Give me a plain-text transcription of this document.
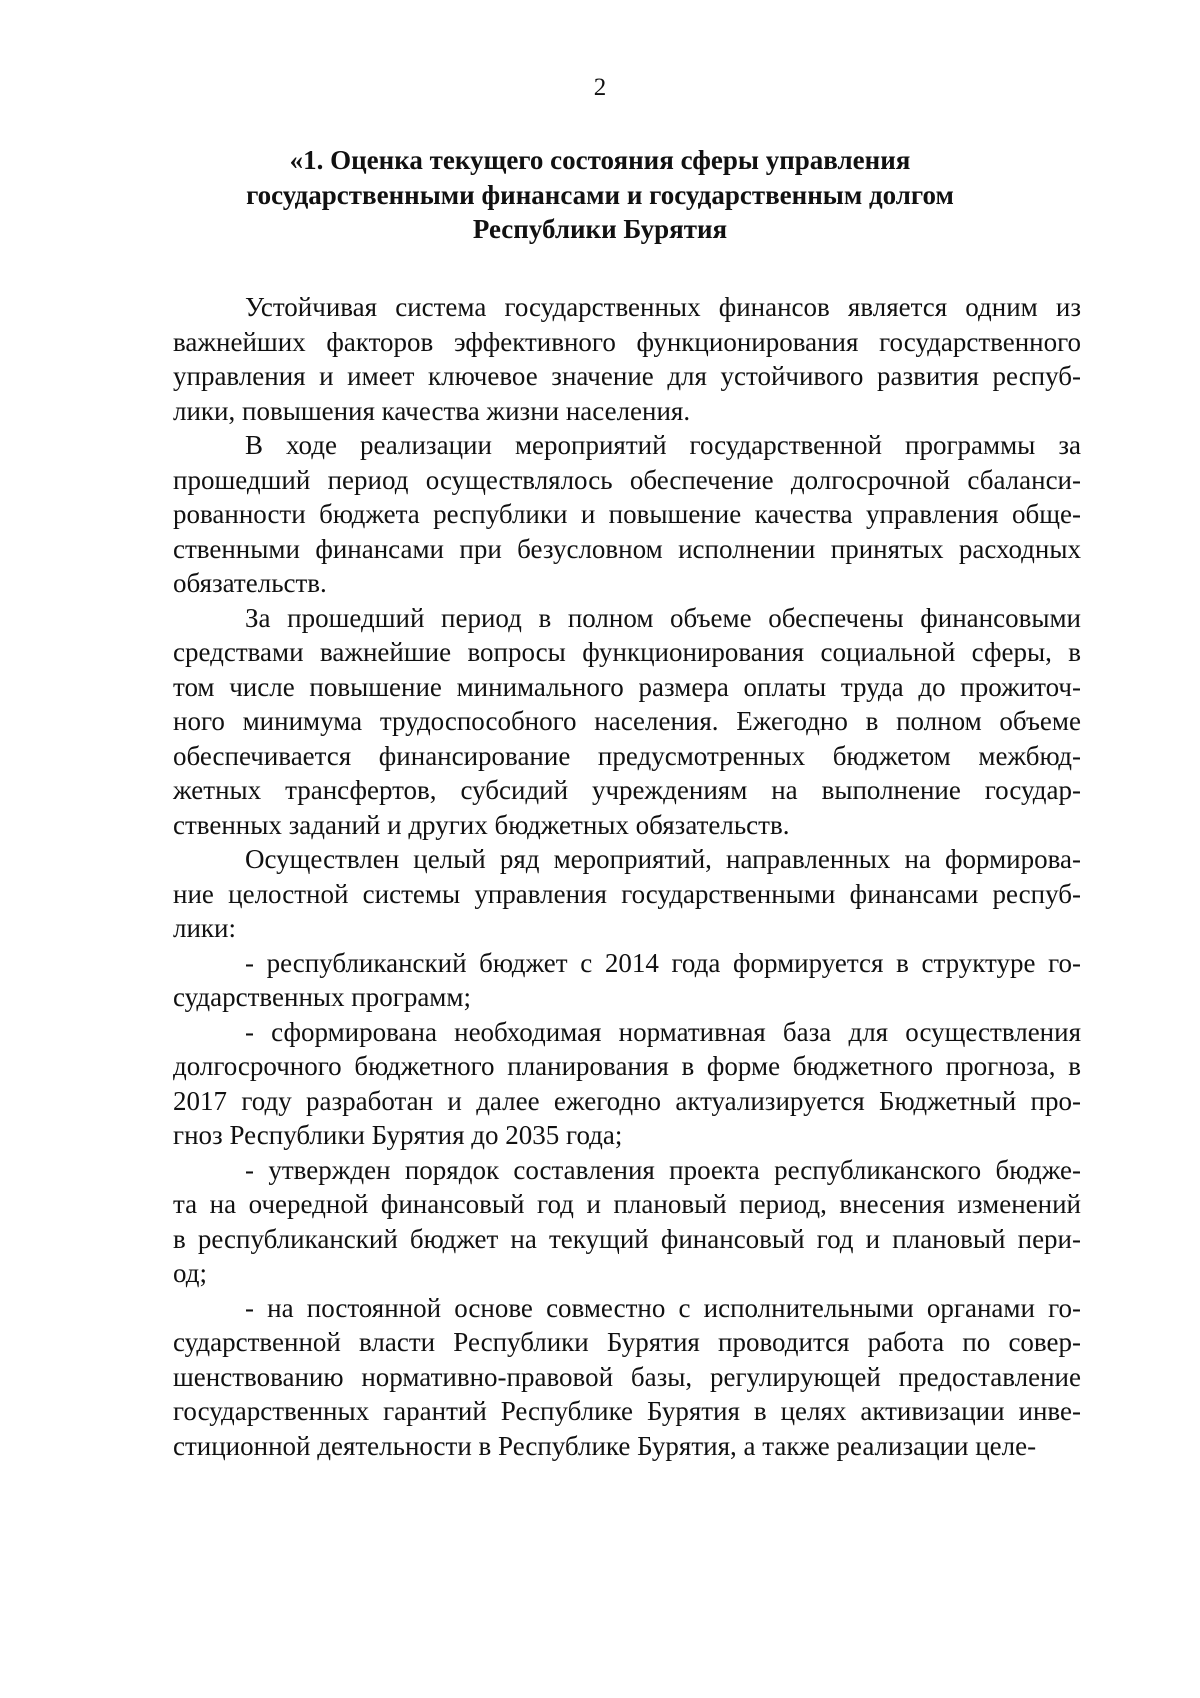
2
«1. Оценка текущего состояния сферы управления
государственными финансами и государственным долгом
Республики Бурятия
Устойчивая система государственных финансов является одним из
важнейших факторов эффективного функционирования государственного
управления и имеет ключевое значение для устойчивого развития респуб-
лики, повышения качества жизни населения.
В ходе реализации мероприятий государственной программы за
прошедший период осуществлялось обеспечение долгосрочной сбаланси-
рованности бюджета республики и повышение качества управления обще-
ственными финансами при безусловном исполнении принятых расходных
обязательств.
За прошедший период в полном объеме обеспечены финансовыми
средствами важнейшие вопросы функционирования социальной сферы, в
том числе повышение минимального размера оплаты труда до прожиточ-
ного минимума трудоспособного населения. Ежегодно в полном объеме
обеспечивается финансирование предусмотренных бюджетом межбюд-
жетных трансфертов, субсидий учреждениям на выполнение государ-
ственных заданий и других бюджетных обязательств.
Осуществлен целый ряд мероприятий, направленных на формирова-
ние целостной системы управления государственными финансами респуб-
лики:
- республиканский бюджет с 2014 года формируется в структуре го-
сударственных программ;
- сформирована необходимая нормативная база для осуществления
долгосрочного бюджетного планирования в форме бюджетного прогноза, в
2017 году разработан и далее ежегодно актуализируется Бюджетный про-
гноз Республики Бурятия до 2035 года;
- утвержден порядок составления проекта республиканского бюдже-
та на очередной финансовый год и плановый период, внесения изменений
в республиканский бюджет на текущий финансовый год и плановый пери-
од;
- на постоянной основе совместно с исполнительными органами го-
сударственной власти Республики Бурятия проводится работа по совер-
шенствованию нормативно-правовой базы, регулирующей предоставление
государственных гарантий Республике Бурятия в целях активизации инве-
стиционной деятельности в Республике Бурятия, а также реализации целе-
